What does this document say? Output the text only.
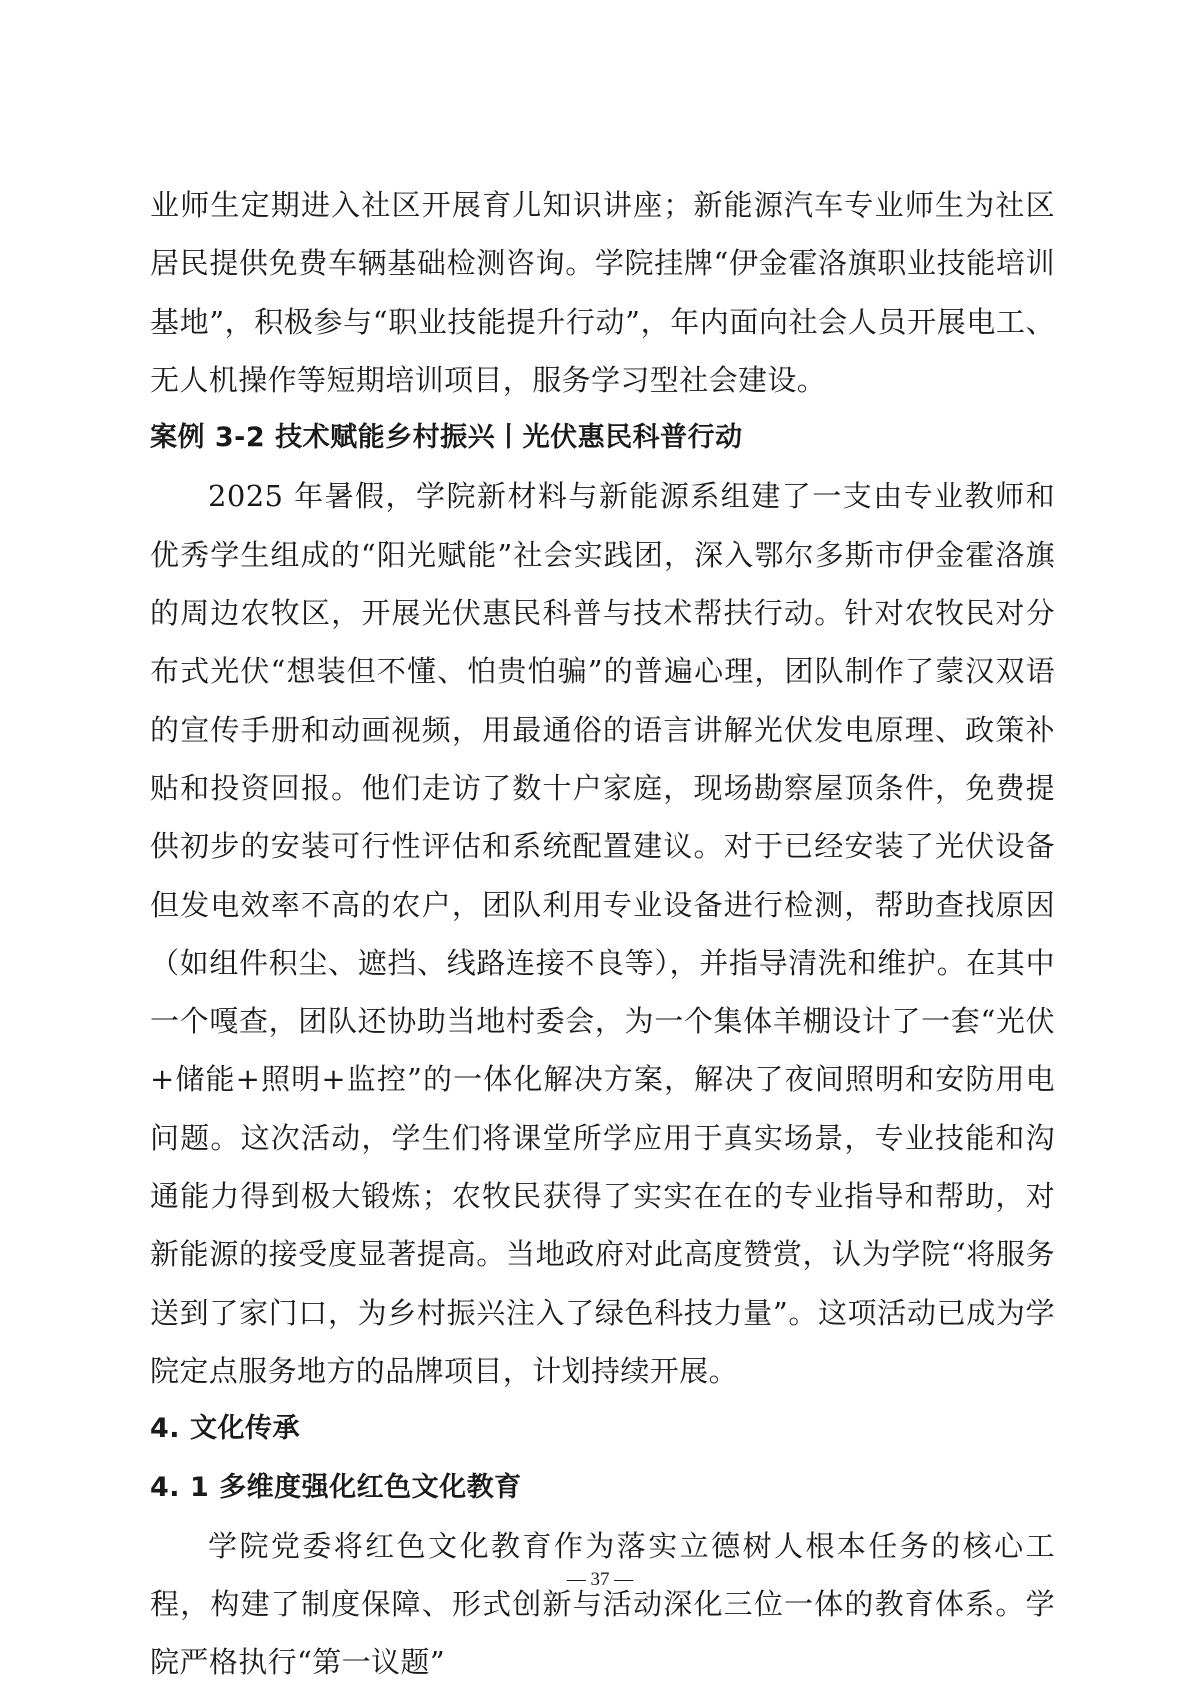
业师生定期进入社区开展育儿知识讲座；新能源汽车专业师生为社区居民提供免费车辆基础检测咨询。学院挂牌“伊金霍洛旗职业技能培训基地”，积极参与“职业技能提升行动”，年内面向社会人员开展电工、无人机操作等短期培训项目，服务学习型社会建设。

案例 3-2 技术赋能乡村振兴丨光伏惠民科普行动

2025 年暑假，学院新材料与新能源系组建了一支由专业教师和优秀学生组成的“阳光赋能”社会实践团，深入鄂尔多斯市伊金霍洛旗的周边农牧区，开展光伏惠民科普与技术帮扶行动。针对农牧民对分布式光伏“想装但不懂、怕贵怕骗”的普遍心理，团队制作了蒙汉双语的宣传手册和动画视频，用最通俗的语言讲解光伏发电原理、政策补贴和投资回报。他们走访了数十户家庭，现场勘察屋顶条件，免费提供初步的安装可行性评估和系统配置建议。对于已经安装了光伏设备但发电效率不高的农户，团队利用专业设备进行检测，帮助查找原因（如组件积尘、遮挡、线路连接不良等），并指导清洗和维护。在其中一个嘎查，团队还协助当地村委会，为一个集体羊棚设计了一套“光伏+储能+照明+监控”的一体化解决方案，解决了夜间照明和安防用电问题。这次活动，学生们将课堂所学应用于真实场景，专业技能和沟通能力得到极大锻炼；农牧民获得了实实在在的专业指导和帮助，对新能源的接受度显著提高。当地政府对此高度赞赏，认为学院“将服务送到了家门口，为乡村振兴注入了绿色科技力量”。这项活动已成为学院定点服务地方的品牌项目，计划持续开展。

4. 文化传承
4. 1 多维度强化红色文化教育

学院党委将红色文化教育作为落实立德树人根本任务的核心工程，构建了制度保障、形式创新与活动深化三位一体的教育体系。学院严格执行“第一议题”

— 37 —
